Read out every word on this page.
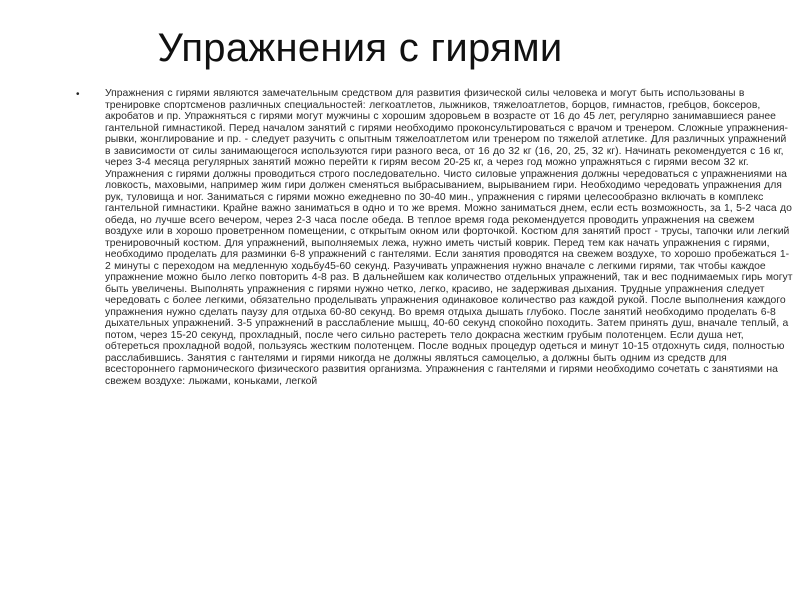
Упражнения с гирями
• Упражнения с гирями являются замечательным средством для развития физической силы человека и могут быть использованы в тренировке спортсменов различных специальностей: легкоатлетов, лыжников, тяжелоатлетов, борцов, гимнастов, гребцов, боксеров, акробатов и пр. Упражняться с гирями могут мужчины с хорошим здоровьем в возрасте от 16 до 45 лет, регулярно занимавшиеся ранее гантельной гимнастикой. Перед началом занятий с гирями необходимо проконсультироваться с врачом и тренером. Сложные упражнения-рывки, жонглирование и пр. - следует разучить с опытным тяжелоатлетом или тренером по тяжелой атлетике. Для различных упражнений в зависимости от силы занимающегося используются гири разного веса, от 16 до 32 кг (16, 20, 25, 32 кг). Начинать рекомендуется с 16 кг, через 3-4 месяца регулярных занятий можно перейти к гирям весом 20-25 кг, а через год можно упражняться с гирями весом 32 кг. Упражнения с гирями должны проводиться строго последовательно. Чисто силовые упражнения должны чередоваться с упражнениями на ловкость, маховыми, например жим гири должен сменяться выбрасыванием, вырыванием гири. Необходимо чередовать упражнения для рук, туловища и ног. Заниматься с гирями можно ежедневно по 30-40 мин., упражнения с гирями целесообразно включать в комплекс гантельной гимнастики. Крайне важно заниматься в одно и то же время. Можно заниматься днем, если есть возможность, за 1, 5-2 часа до обеда, но лучше всего вечером, через 2-3 часа после обеда. В теплое время года рекомендуется проводить упражнения на свежем воздухе или в хорошо проветренном помещении, с открытым окном или форточкой. Костюм для занятий прост - трусы, тапочки или легкий тренировочный костюм. Для упражнений, выполняемых лежа, нужно иметь чистый коврик. Перед тем как начать упражнения с гирями, необходимо проделать для разминки 6-8 упражнений с гантелями. Если занятия проводятся на свежем воздухе, то хорошо пробежаться 1-2 минуты с переходом на медленную ходьбу45-60 секунд. Разучивать упражнения нужно вначале с легкими гирями, так чтобы каждое упражнение можно было легко повторить 4-8 раз. В дальнейшем как количество отдельных упражнений, так и вес поднимаемых гирь могут быть увеличены. Выполнять упражнения с гирями нужно четко, легко, красиво, не задерживая дыхания. Трудные упражнения следует чередовать с более легкими, обязательно проделывать упражнения одинаковое количество раз каждой рукой. После выполнения каждого упражнения нужно сделать паузу для отдыха 60-80 секунд. Во время отдыха дышать глубоко. После занятий необходимо проделать 6-8 дыхательных упражнений. 3-5 упражнений в расслабление мышц, 40-60 секунд спокойно походить. Затем принять душ, вначале теплый, а потом, через 15-20 секунд, прохладный, после чего сильно растереть тело докрасна жестким грубым полотенцем. Если душа нет, обтереться прохладной водой, пользуясь жестким полотенцем. После водных процедур одеться и минут 10-15 отдохнуть сидя, полностью расслабившись. Занятия с гантелями и гирями никогда не должны являться самоцелью, а должны быть одним из средств для всестороннего гармонического физического развития организма. Упражнения с гантелями и гирями необходимо сочетать с занятиями на свежем воздухе: лыжами, коньками, легкой
